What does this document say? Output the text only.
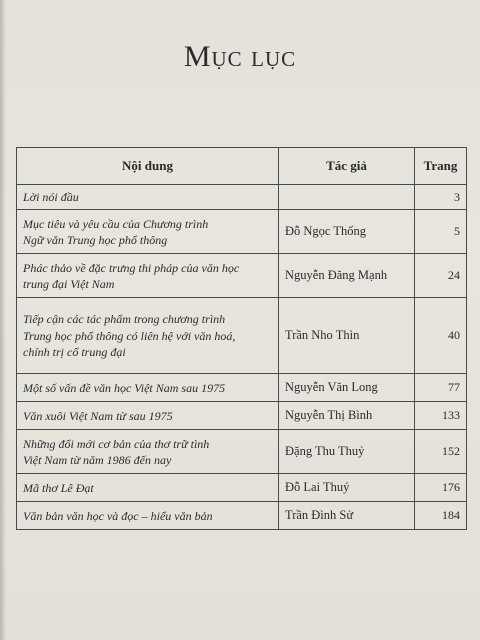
Mục lục
Nội dung	Tác giả	Trang

Lời nói đầu		3

Mục tiêu và yêu cầu của Chương trình
Ngữ văn Trung học phổ thông	Đỗ Ngọc Thống	5

Phác thảo về đặc trưng thi pháp của văn học
trung đại Việt Nam	Nguyễn Đăng Mạnh	24

Tiếp cận các tác phẩm trong chương trình
Trung học phổ thông có liên hệ với văn hoá,
chính trị cổ trung đại	Trần Nho Thìn	40

Một số vấn đề văn học Việt Nam sau 1975	Nguyễn Văn Long	77

Văn xuôi Việt Nam từ sau 1975	Nguyễn Thị Bình	133

Những đổi mới cơ bản của thơ trữ tình
Việt Nam từ năm 1986 đến nay	Đặng Thu Thuỷ	152

Mã thơ Lê Đạt	Đỗ Lai Thuý	176

Văn bản văn học và đọc – hiểu văn bản	Trần Đình Sử	184
